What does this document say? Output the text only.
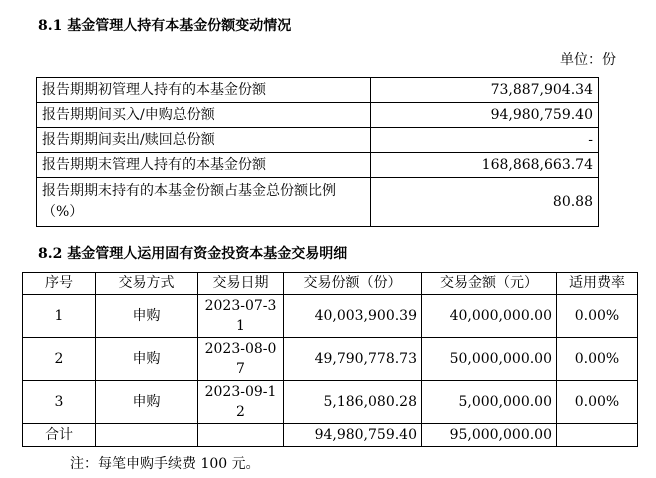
8.1 基金管理人持有本基金份额变动情况
单位：份
报告期期初管理人持有的本基金份额	73,887,904.34
报告期期间买入/申购总份额	94,980,759.40
报告期期间卖出/赎回总份额	-
报告期期末管理人持有的本基金份额	168,868,663.74
报告期期末持有的本基金份额占基金总份额比例（%）	80.88
8.2 基金管理人运用固有资金投资本基金交易明细
序号	交易方式	交易日期	交易份额（份）	交易金额（元）	适用费率
1	申购	2023-07-31	40,003,900.39	40,000,000.00	0.00%
2	申购	2023-08-07	49,790,778.73	50,000,000.00	0.00%
3	申购	2023-09-12	5,186,080.28	5,000,000.00	0.00%
合计			94,980,759.40	95,000,000.00	
注：每笔申购手续费 100 元。
